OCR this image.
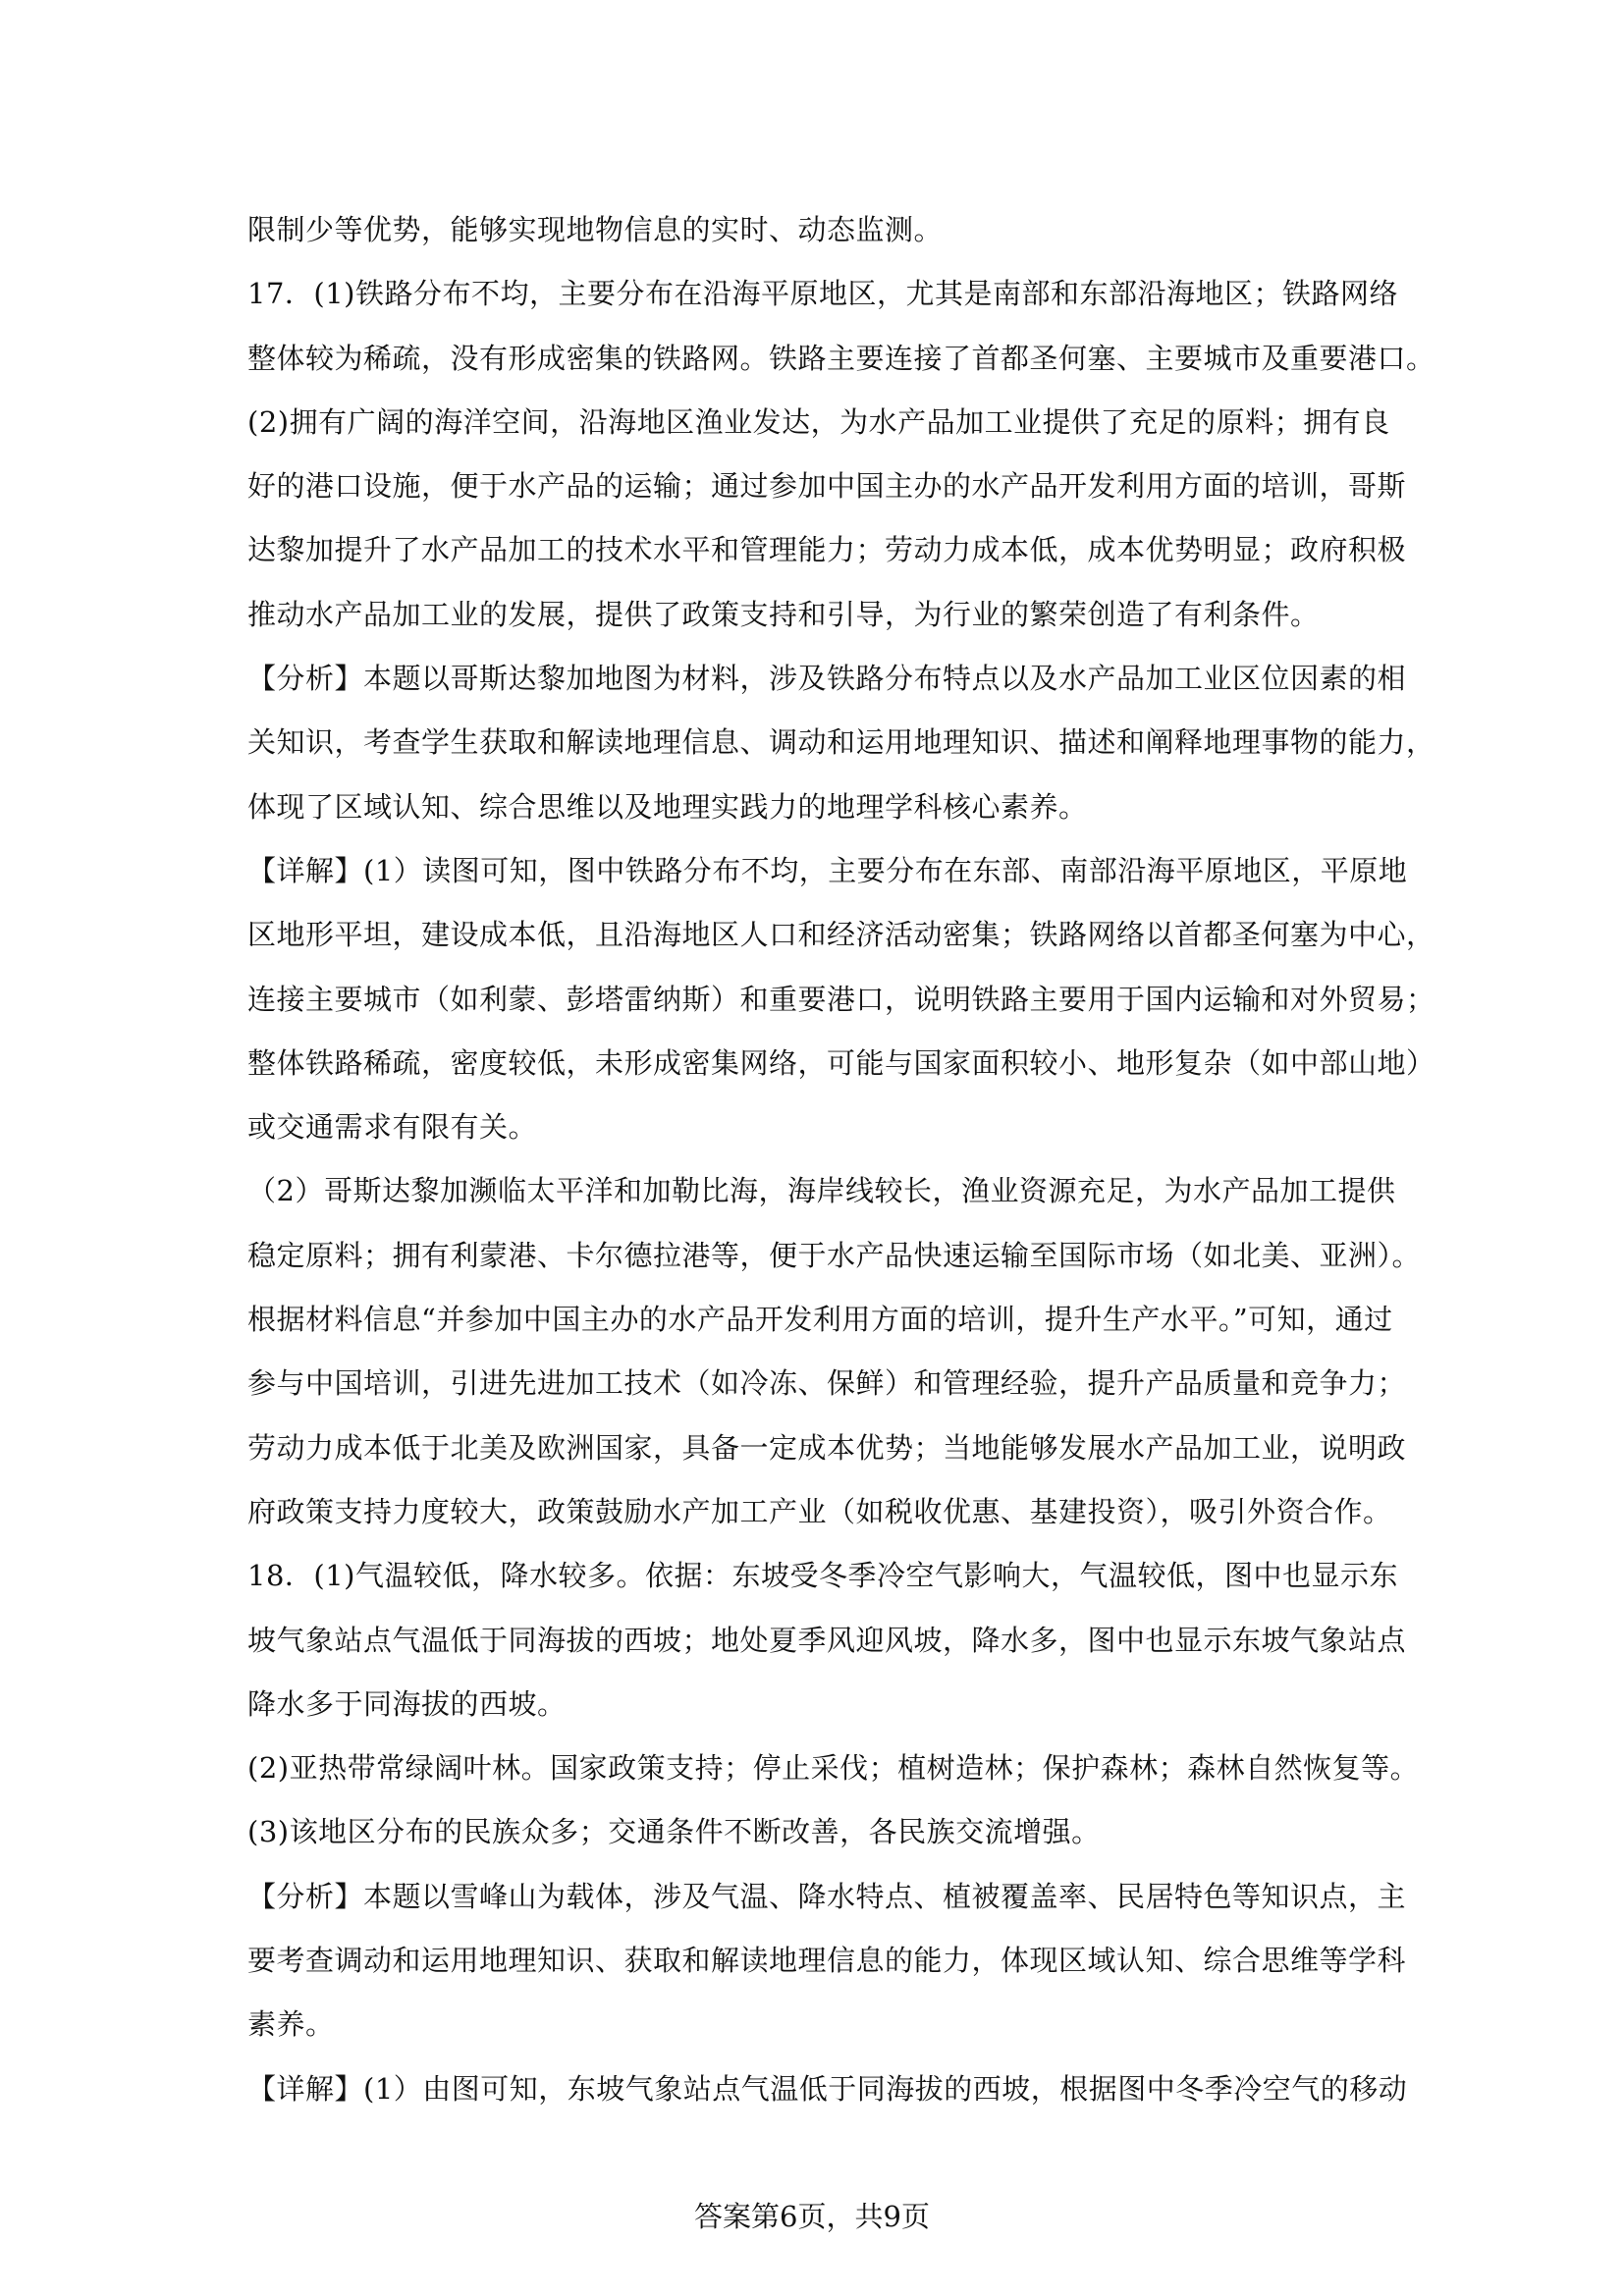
限制少等优势，能够实现地物信息的实时、动态监测。
17．(1)铁路分布不均，主要分布在沿海平原地区，尤其是南部和东部沿海地区；铁路网络
整体较为稀疏，没有形成密集的铁路网。铁路主要连接了首都圣何塞、主要城市及重要港口。
(2)拥有广阔的海洋空间，沿海地区渔业发达，为水产品加工业提供了充足的原料；拥有良
好的港口设施，便于水产品的运输；通过参加中国主办的水产品开发利用方面的培训，哥斯
达黎加提升了水产品加工的技术水平和管理能力；劳动力成本低，成本优势明显；政府积极
推动水产品加工业的发展，提供了政策支持和引导，为行业的繁荣创造了有利条件。
【分析】本题以哥斯达黎加地图为材料，涉及铁路分布特点以及水产品加工业区位因素的相
关知识，考查学生获取和解读地理信息、调动和运用地理知识、描述和阐释地理事物的能力，
体现了区域认知、综合思维以及地理实践力的地理学科核心素养。
【详解】(1）读图可知，图中铁路分布不均，主要分布在东部、南部沿海平原地区，平原地
区地形平坦，建设成本低，且沿海地区人口和经济活动密集；铁路网络以首都圣何塞为中心，
连接主要城市（如利蒙、彭塔雷纳斯）和重要港口，说明铁路主要用于国内运输和对外贸易；
整体铁路稀疏，密度较低，未形成密集网络，可能与国家面积较小、地形复杂（如中部山地）
或交通需求有限有关。
（2）哥斯达黎加濒临太平洋和加勒比海，海岸线较长，渔业资源充足，为水产品加工提供
稳定原料；拥有利蒙港、卡尔德拉港等，便于水产品快速运输至国际市场（如北美、亚洲）。
根据材料信息“并参加中国主办的水产品开发利用方面的培训，提升生产水平。”可知，通过
参与中国培训，引进先进加工技术（如冷冻、保鲜）和管理经验，提升产品质量和竞争力；
劳动力成本低于北美及欧洲国家，具备一定成本优势；当地能够发展水产品加工业，说明政
府政策支持力度较大，政策鼓励水产加工产业（如税收优惠、基建投资），吸引外资合作。
18．(1)气温较低，降水较多。依据：东坡受冬季冷空气影响大，气温较低，图中也显示东
坡气象站点气温低于同海拔的西坡；地处夏季风迎风坡，降水多，图中也显示东坡气象站点
降水多于同海拔的西坡。
(2)亚热带常绿阔叶林。国家政策支持；停止采伐；植树造林；保护森林；森林自然恢复等。
(3)该地区分布的民族众多；交通条件不断改善，各民族交流增强。
【分析】本题以雪峰山为载体，涉及气温、降水特点、植被覆盖率、民居特色等知识点，主
要考查调动和运用地理知识、获取和解读地理信息的能力，体现区域认知、综合思维等学科
素养。
【详解】(1）由图可知，东坡气象站点气温低于同海拔的西坡，根据图中冬季冷空气的移动
答案第6页，共9页
